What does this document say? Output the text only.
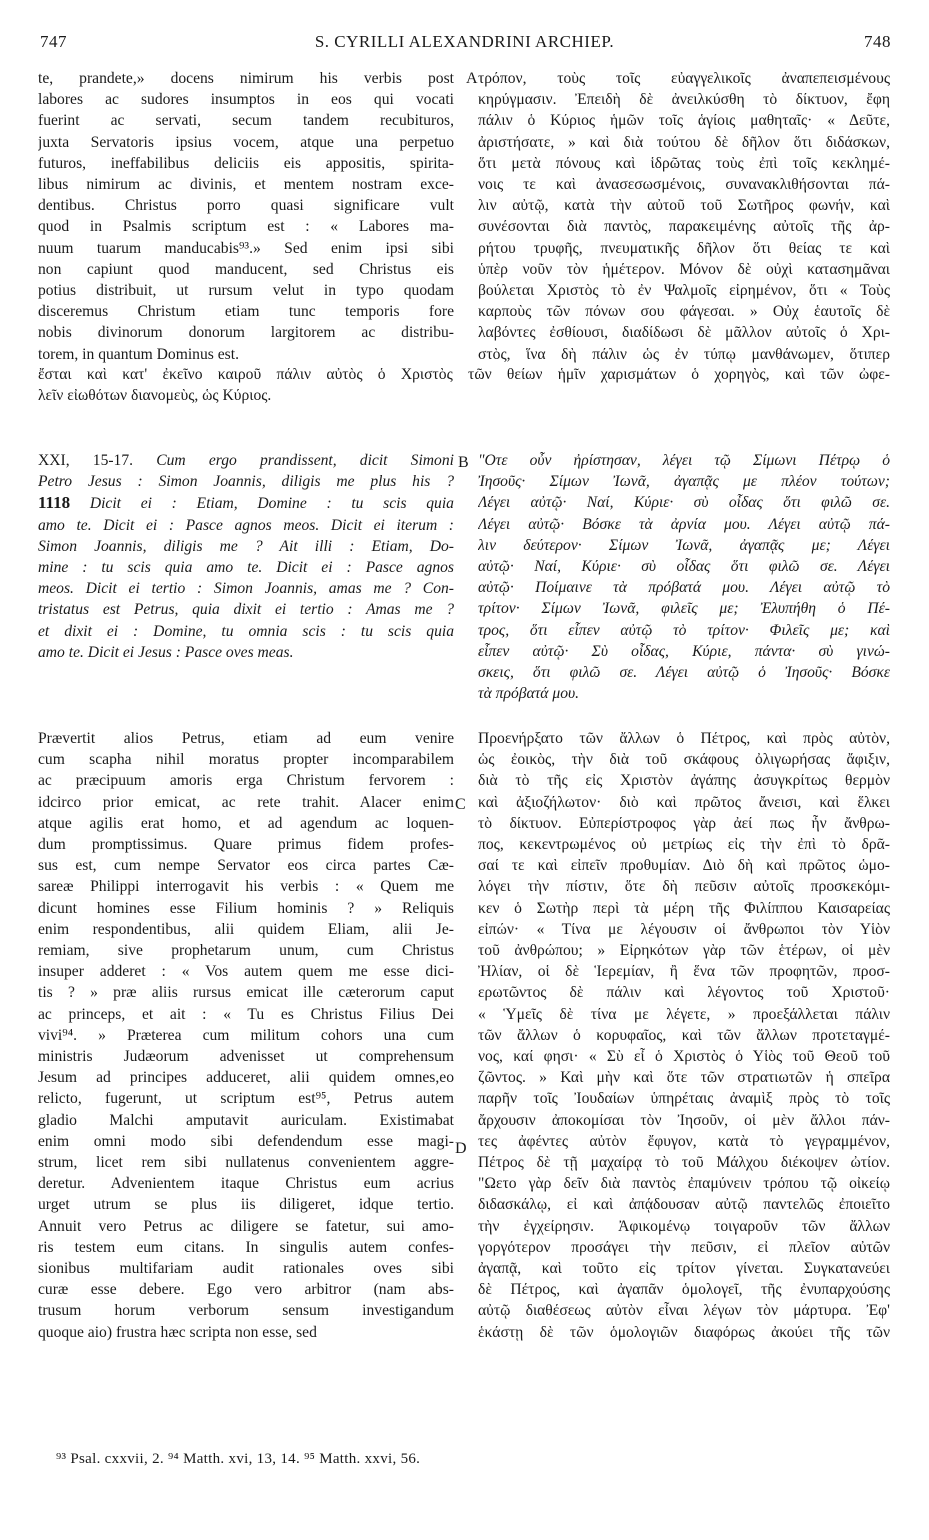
747	S. CYRILLI ALEXANDRINI ARCHIEP.	748
A
B
C
D
te, prandete,» docens nimirum his verbis post
labores ac sudores insumptos in eos qui vocati
fuerint ac servati, secum tandem recubituros,
juxta Servatoris ipsius vocem, atque una perpetuo
futuros, ineffabilibus deliciis eis appositis, spirita-
libus nimirum ac divinis, et mentem nostram exce-
dentibus. Christus porro quasi significare vult
quod in Psalmis scriptum est : « Labores ma-
nuum tuarum manducabis⁹³.» Sed enim ipsi sibi
non capiunt quod manducent, sed Christus eis
potius distribuit, ut rursum velut in typo quodam
disceremus Christum etiam tunc temporis fore
nobis divinorum donorum largitorem ac distribu-
torem, in quantum Dominus est.
τρόπον, τοὺς τοῖς εὐαγγελικοῖς ἀναπεπεισμένους
κηρύγμασιν. Ἐπειδὴ δὲ ἀνειλκύσθη τὸ δίκτυον, ἔφη
πάλιν ὁ Κύριος ἡμῶν τοῖς ἁγίοις μαθηταῖς· « Δεῦτε,
ἀριστήσατε, » καὶ διὰ τούτου δὲ δῆλον ὅτι διδάσκων,
ὅτι μετὰ πόνους καὶ ἱδρῶτας τοὺς ἐπὶ τοῖς κεκλημέ-
νοις τε καὶ ἀνασεσωσμένοις, συνανακλιθήσονται πά-
λιν αὐτῷ, κατὰ τὴν αὐτοῦ τοῦ Σωτῆρος φωνήν, καὶ
συνέσονται διὰ παντὸς, παρακειμένης αὐτοῖς τῆς ἀρ-
ρήτου τρυφῆς, πνευματικῆς δῆλον ὅτι θείας τε καὶ
ὑπὲρ νοῦν τὸν ἡμέτερον. Μόνον δὲ οὐχὶ κατασημᾶναι
βούλεται Χριστὸς τὸ ἐν Ψαλμοῖς εἰρημένον, ὅτι « Τοὺς
καρποὺς τῶν πόνων σου φάγεσαι. » Οὐχ ἑαυτοῖς δὲ
λαβόντες ἐσθίουσι, διαδίδωσι δὲ μᾶλλον αὐτοῖς ὁ Χρι-
στὸς, ἵνα δὴ πάλιν ὡς ἐν τύπῳ μανθάνωμεν, ὅτιπερ
ἔσται καὶ κατ' ἐκεῖνο καιροῦ πάλιν αὐτὸς ὁ Χριστὸς τῶν θείων ἡμῖν χαρισμάτων ὁ χορηγὸς, καὶ τῶν ὠφε-
λεῖν εἰωθότων διανομεὺς, ὡς Κύριος.
XXI, 15-17. Cum ergo prandissent, dicit Simoni
Petro Jesus : Simon Joannis, diligis me plus his ?
1118 Dicit ei : Etiam, Domine : tu scis quia
amo te. Dicit ei : Pasce agnos meos. Dicit ei iterum :
Simon Joannis, diligis me ? Ait illi : Etiam, Do-
mine : tu scis quia amo te. Dicit ei : Pasce agnos
meos. Dicit ei tertio : Simon Joannis, amas me ? Con-
tristatus est Petrus, quia dixit ei tertio : Amas me ?
et dixit ei : Domine, tu omnia scis : tu scis quia
amo te. Dicit ei Jesus : Pasce oves meas.
"Οτε οὖν ἠρίστησαν, λέγει τῷ Σίμωνι Πέτρῳ ὁ
Ἰησοῦς· Σίμων Ἰωνᾶ, ἀγαπᾷς με πλέον τούτων;
Λέγει αὐτῷ· Ναί, Κύριε· σὺ οἶδας ὅτι φιλῶ σε.
Λέγει αὐτῷ· Βόσκε τὰ ἀρνία μου. Λέγει αὐτῷ πά-
λιν δεύτερον· Σίμων Ἰωνᾶ, ἀγαπᾷς με; Λέγει
αὐτῷ· Ναί, Κύριε· σὺ οἶδας ὅτι φιλῶ σε. Λέγει
αὐτῷ· Ποίμαινε τὰ πρόβατά μου. Λέγει αὐτῷ τὸ
τρίτον· Σίμων Ἰωνᾶ, φιλεῖς με; Ἐλυπήθη ὁ Πέ-
τρος, ὅτι εἶπεν αὐτῷ τὸ τρίτον· Φιλεῖς με; καὶ
εἶπεν αὐτῷ· Σὺ οἶδας, Κύριε, πάντα· σὺ γινώ-
σκεις, ὅτι φιλῶ σε. Λέγει αὐτῷ ὁ Ἰησοῦς· Βόσκε
τὰ πρόβατά μου.
Prævertit alios Petrus, etiam ad eum venire
cum scapha nihil moratus propter incomparabilem
ac præcipuum amoris erga Christum fervorem :
idcirco prior emicat, ac rete trahit. Alacer enim
atque agilis erat homo, et ad agendum ac loquen-
dum promptissimus. Quare primus fidem profes-
sus est, cum nempe Servator eos circa partes Cæ-
sareæ Philippi interrogavit his verbis : « Quem me
dicunt homines esse Filium hominis ? » Reliquis
enim respondentibus, alii quidem Eliam, alii Je-
remiam, sive prophetarum unum, cum Christus
insuper adderet : « Vos autem quem me esse dici-
tis ? » præ aliis rursus emicat ille cæterorum caput
ac princeps, et ait : « Tu es Christus Filius Dei
vivi⁹⁴. » Præterea cum militum cohors una cum
ministris Judæorum advenisset ut comprehensum
Jesum ad principes adduceret, alii quidem omnes,eo
relicto, fugerunt, ut scriptum est⁹⁵, Petrus autem
gladio Malchi amputavit auriculam. Existimabat
enim omni modo sibi defendendum esse magi-
strum, licet rem sibi nullatenus convenientem aggre-
deretur. Advenientem itaque Christus eum acrius
urget utrum se plus iis diligeret, idque tertio.
Annuit vero Petrus ac diligere se fatetur, sui amo-
ris testem eum citans. In singulis autem confes-
sionibus multifariam audit rationales oves sibi
curæ esse debere. Ego vero arbitror (nam abs-
trusum horum verborum sensum investigandum
quoque aio) frustra hæc scripta non esse, sed
Προενήρξατο τῶν ἄλλων ὁ Πέτρος, καὶ πρὸς αὐτὸν,
ὡς ἐοικὸς, τὴν διὰ τοῦ σκάφους ὀλιγωρήσας ἄφιξιν,
διὰ τὸ τῆς εἰς Χριστὸν ἀγάπης ἀσυγκρίτως θερμὸν
καὶ ἀξιοζήλωτον· διὸ καὶ πρῶτος ἄνεισι, καὶ ἕλκει
τὸ δίκτυον. Εὐπερίστροφος γὰρ ἀεί πως ἦν ἄνθρω-
πος, κεκεντρωμένος οὐ μετρίως εἰς τὴν ἐπὶ τὸ δρᾶ-
σαί τε καὶ εἰπεῖν προθυμίαν. Διὸ δὴ καὶ πρῶτος ὡμο-
λόγει τὴν πίστιν, ὅτε δὴ πεῦσιν αὐτοῖς προσκεκόμι-
κεν ὁ Σωτὴρ περὶ τὰ μέρη τῆς Φιλίππου Καισαρείας
εἰπών· « Τίνα με λέγουσιν οἱ ἄνθρωποι τὸν Υἱὸν
τοῦ ἀνθρώπου; » Εἰρηκότων γὰρ τῶν ἑτέρων, οἱ μὲν
Ἠλίαν, οἱ δὲ Ἱερεμίαν, ἢ ἕνα τῶν προφητῶν, προσ-
ερωτῶντος δὲ πάλιν καὶ λέγοντος τοῦ Χριστοῦ·
« Ὑμεῖς δὲ τίνα με λέγετε, » προεξάλλεται πάλιν
τῶν ἄλλων ὁ κορυφαῖος, καὶ τῶν ἄλλων προτεταγμέ-
νος, καί φησι· « Σὺ εἶ ὁ Χριστὸς ὁ Υἱὸς τοῦ Θεοῦ τοῦ
ζῶντος. » Καὶ μὴν καὶ ὅτε τῶν στρατιωτῶν ἡ σπεῖρα
παρῆν τοῖς Ἰουδαίων ὑπηρέταις ἀναμὶξ πρὸς τὸ τοῖς
ἄρχουσιν ἀποκομίσαι τὸν Ἰησοῦν, οἱ μὲν ἄλλοι πάν-
τες ἀφέντες αὐτὸν ἔφυγον, κατὰ τὸ γεγραμμένον,
Πέτρος δὲ τῇ μαχαίρᾳ τὸ τοῦ Μάλχου διέκοψεν ὠτίον.
"Ωετο γὰρ δεῖν διὰ παντὸς ἐπαμύνειν τρόπου τῷ οἰκείῳ
διδασκάλῳ, εἰ καὶ ἀπᾴδουσαν αὐτῷ παντελῶς ἐποιεῖτο
τὴν ἐγχείρησιν. Ἀφικομένῳ τοιγαροῦν τῶν ἄλλων
γοργότερον προσάγει τὴν πεῦσιν, εἰ πλεῖον αὐτῶν
ἀγαπᾷ, καὶ τοῦτο εἰς τρίτον γίνεται. Συγκατανεύει
δὲ Πέτρος, καὶ ἀγαπᾶν ὁμολογεῖ, τῆς ἐνυπαρχούσης
αὐτῷ διαθέσεως αὐτὸν εἶναι λέγων τὸν μάρτυρα. Ἐφ'
ἑκάστῃ δὲ τῶν ὁμολογιῶν διαφόρως ἀκούει τῆς τῶν
⁹³ Psal. cxxvii, 2. ⁹⁴ Matth. xvi, 13, 14. ⁹⁵ Matth. xxvi, 56.
